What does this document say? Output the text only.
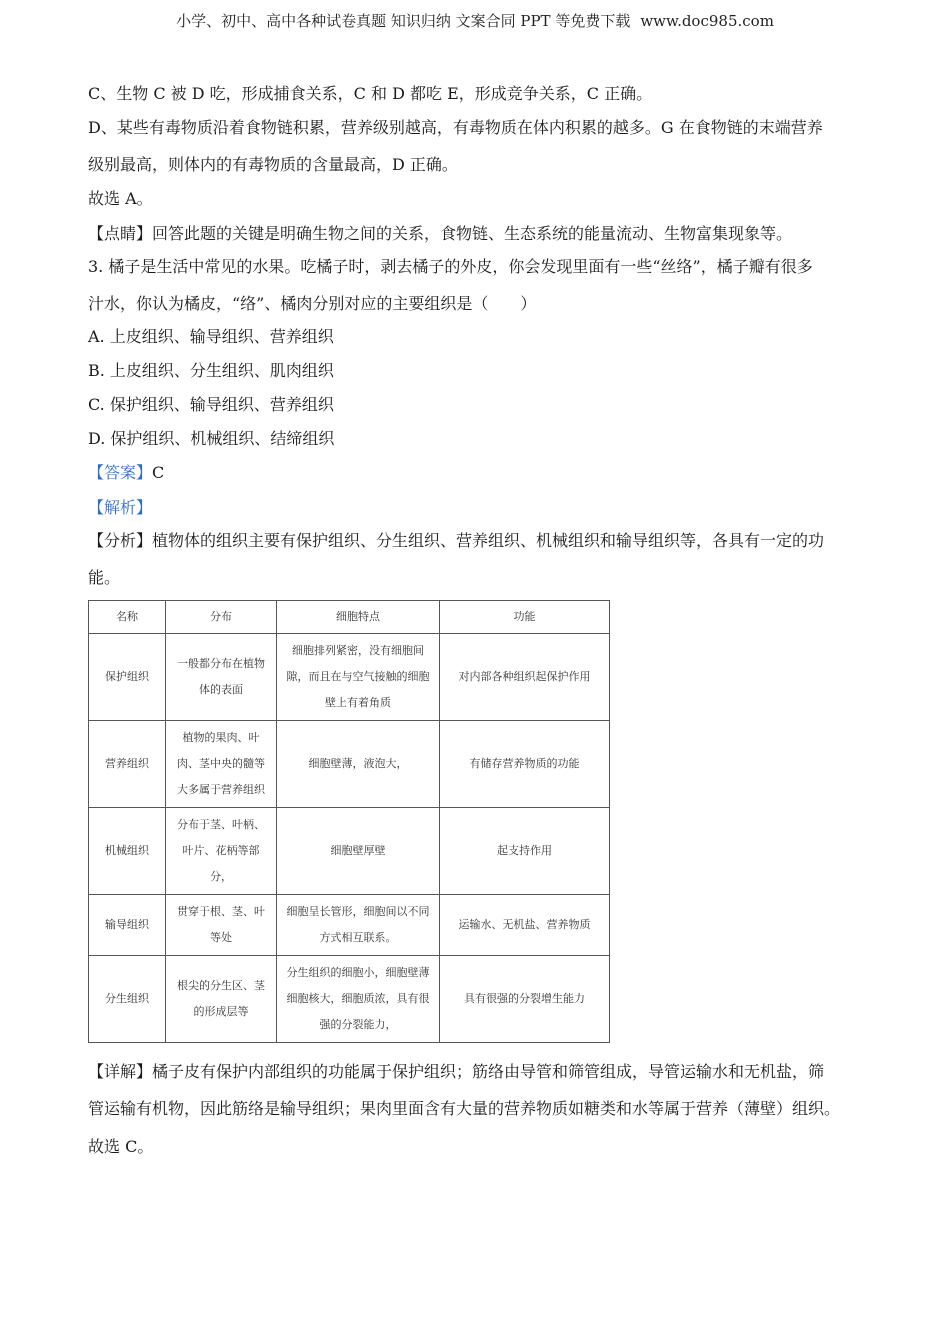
小学、初中、高中各种试卷真题 知识归纳 文案合同 PPT 等免费下载 www.doc985.com
C、生物 C 被 D 吃，形成捕食关系，C 和 D 都吃 E，形成竞争关系，C 正确。
D、某些有毒物质沿着食物链积累，营养级别越高，有毒物质在体内积累的越多。G 在食物链的末端营养
级别最高，则体内的有毒物质的含量最高，D 正确。
故选 A。
【点睛】回答此题的关键是明确生物之间的关系，食物链、生态系统的能量流动、生物富集现象等。
3. 橘子是生活中常见的水果。吃橘子时，剥去橘子的外皮，你会发现里面有一些“丝络”，橘子瓣有很多
汁水，你认为橘皮，“络”、橘肉分别对应的主要组织是（　　）
A. 上皮组织、输导组织、营养组织
B. 上皮组织、分生组织、肌肉组织
C. 保护组织、输导组织、营养组织
D. 保护组织、机械组织、结缔组织
【答案】C
【解析】
【分析】植物体的组织主要有保护组织、分生组织、营养组织、机械组织和输导组织等，各具有一定的功
能。
名称	分布	细胞特点	功能
保护组织	一般都分布在植物体的表面	细胞排列紧密，没有细胞间隙，而且在与空气接触的细胞壁上有着角质	对内部各种组织起保护作用
营养组织	植物的果肉、叶肉、茎中央的髓等大多属于营养组织	细胞壁薄，液泡大，	有储存营养物质的功能
机械组织	分布于茎、叶柄、叶片、花柄等部分，	细胞壁厚壁	起支持作用
输导组织	贯穿于根、茎、叶等处	细胞呈长管形，细胞间以不同方式相互联系。	运输水、无机盐、营养物质
分生组织	根尖的分生区、茎的形成层等	分生组织的细胞小，细胞壁薄细胞核大，细胞质浓，具有很强的分裂能力，	具有很强的分裂增生能力
【详解】橘子皮有保护内部组织的功能属于保护组织；筋络由导管和筛管组成，导管运输水和无机盐，筛
管运输有机物，因此筋络是输导组织；果肉里面含有大量的营养物质如糖类和水等属于营养（薄壁）组织。
故选 C。
